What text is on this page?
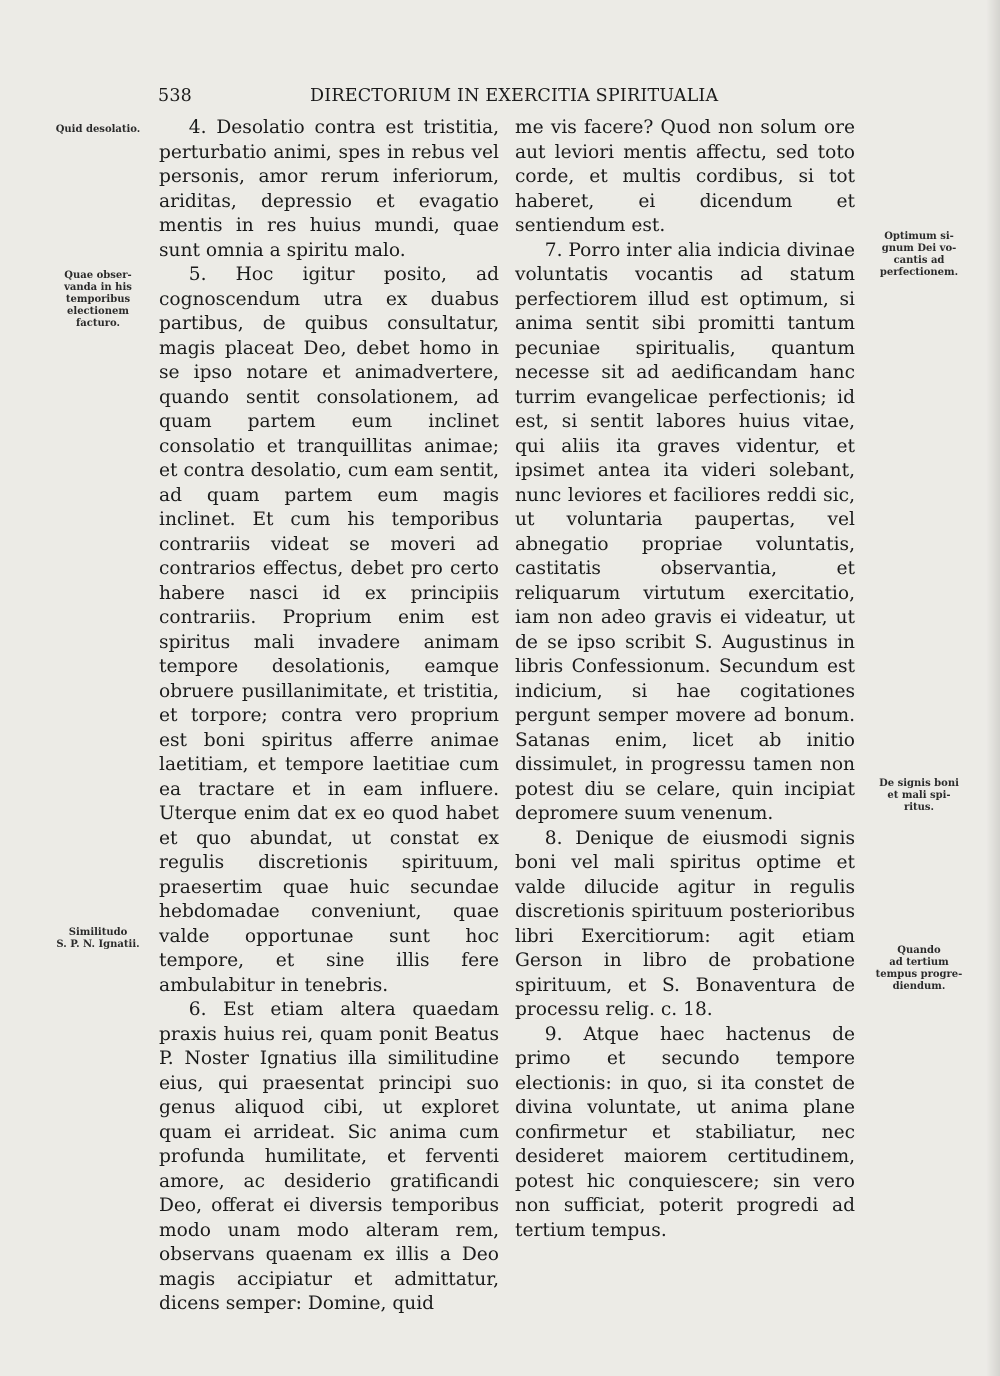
538	DIRECTORIUM IN EXERCITIA SPIRITUALIA
Quid desolatio.
Quae obser-
vanda in his
temporibus
electionem
facturo.
Similitudo
S. P. N. Ignatii.
Optimum si-
gnum Dei vo-
cantis ad
perfectionem.
De signis boni
et mali spi-
ritus.
Quando
ad tertium
tempus progre-
diendum.

4. Desolatio contra est tristitia, perturbatio animi, spes in rebus vel personis, amor rerum inferiorum, ariditas, depressio et evagatio mentis in res huius mundi, quae sunt omnia a spiritu malo.

5. Hoc igitur posito, ad cognoscendum utra ex duabus partibus, de quibus consultatur, magis placeat Deo, debet homo in se ipso notare et animadvertere, quando sentit consolationem, ad quam partem eum inclinet consolatio et tranquillitas animae; et contra desolatio, cum eam sentit, ad quam partem eum magis inclinet. Et cum his temporibus contrariis videat se moveri ad contrarios effectus, debet pro certo habere nasci id ex principiis contrariis. Proprium enim est spiritus mali invadere animam tempore desolationis, eamque obruere pusillanimitate, et tristitia, et torpore; contra vero proprium est boni spiritus afferre animae laetitiam, et tempore laetitiae cum ea tractare et in eam influere. Uterque enim dat ex eo quod habet et quo abundat, ut constat ex regulis discretionis spirituum, praesertim quae huic secundae hebdomadae conveniunt, quae valde opportunae sunt hoc tempore, et sine illis fere ambulabitur in tenebris.

6. Est etiam altera quaedam praxis huius rei, quam ponit Beatus P. Noster Ignatius illa similitudine eius, qui praesentat principi suo genus aliquod cibi, ut exploret quam ei arrideat. Sic anima cum profunda humilitate, et ferventi amore, ac desiderio gratificandi Deo, offerat ei diversis temporibus modo unam modo alteram rem, observans quaenam ex illis a Deo magis accipiatur et admittatur, dicens semper: Domine, quid

me vis facere? Quod non solum ore aut leviori mentis affectu, sed toto corde, et multis cordibus, si tot haberet, ei dicendum et sentiendum est.

7. Porro inter alia indicia divinae voluntatis vocantis ad statum perfectiorem illud est optimum, si anima sentit sibi promitti tantum pecuniae spiritualis, quantum necesse sit ad aedificandam hanc turrim evangelicae perfectionis; id est, si sentit labores huius vitae, qui aliis ita graves videntur, et ipsimet antea ita videri solebant, nunc leviores et faciliores reddi sic, ut voluntaria paupertas, vel abnegatio propriae voluntatis, castitatis observantia, et reliquarum virtutum exercitatio, iam non adeo gravis ei videatur, ut de se ipso scribit S. Augustinus in libris Confessionum. Secundum est indicium, si hae cogitationes pergunt semper movere ad bonum. Satanas enim, licet ab initio dissimulet, in progressu tamen non potest diu se celare, quin incipiat depromere suum venenum.

8. Denique de eiusmodi signis boni vel mali spiritus optime et valde dilucide agitur in regulis discretionis spirituum posterioribus libri Exercitiorum: agit etiam Gerson in libro de probatione spirituum, et S. Bonaventura de processu relig. c. 18.

9. Atque haec hactenus de primo et secundo tempore electionis: in quo, si ita constet de divina voluntate, ut anima plane confirmetur et stabiliatur, nec desideret maiorem certitudinem, potest hic conquiescere; sin vero non sufficiat, poterit progredi ad tertium tempus.
